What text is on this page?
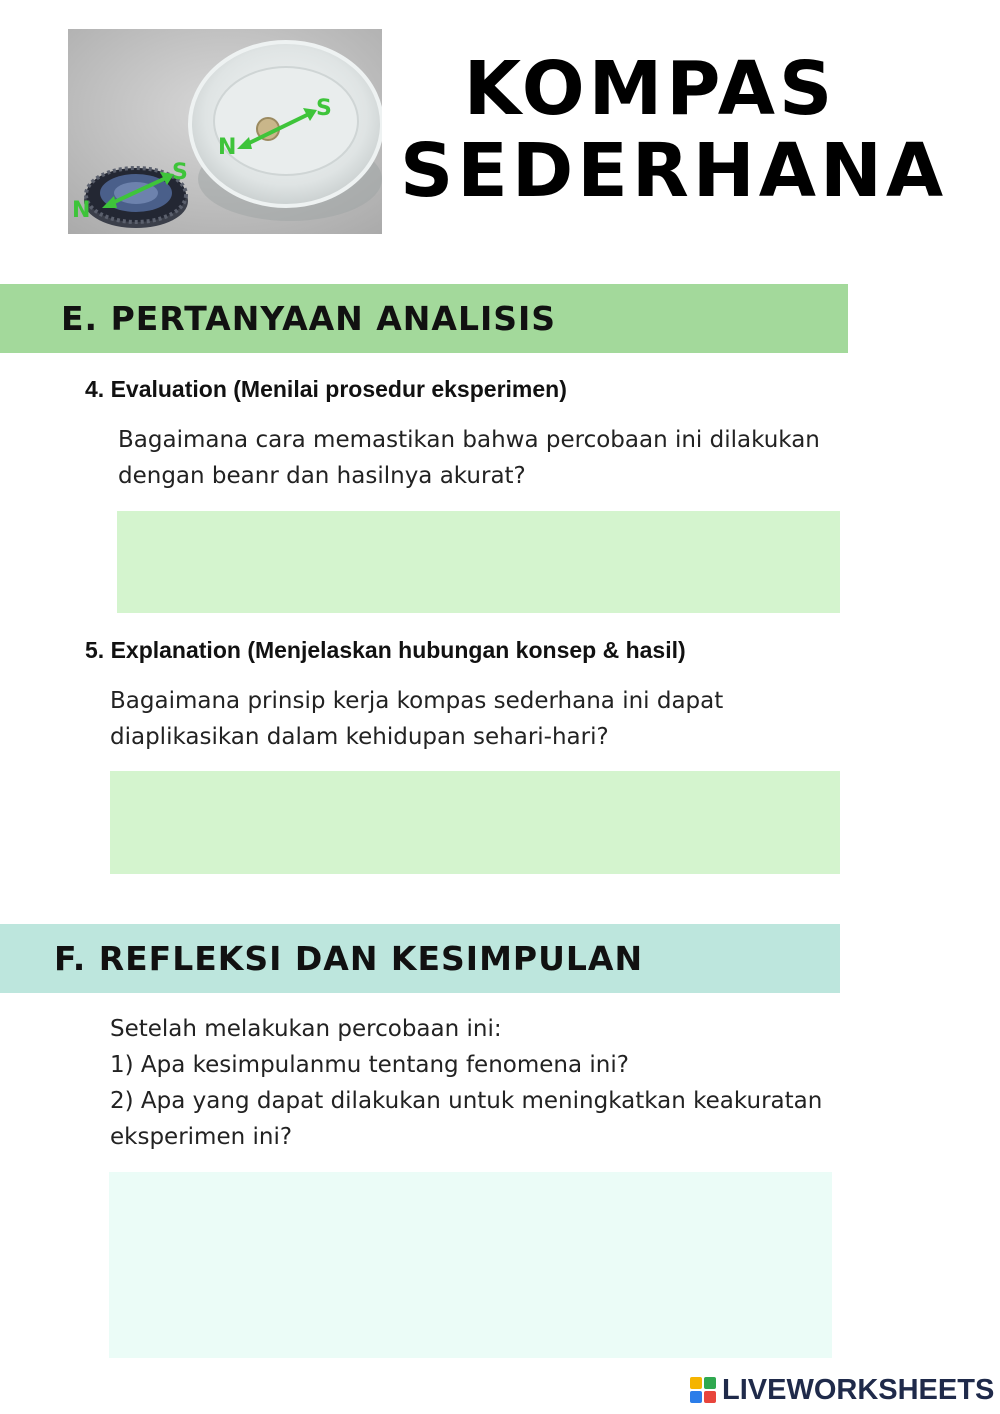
N
S
N
S	KOMPAS
SEDERHANA
E. PERTANYAAN ANALISIS
4. Evaluation (Menilai prosedur eksperimen)
Bagaimana cara memastikan bahwa percobaan ini dilakukan
dengan beanr dan hasilnya akurat?
5. Explanation (Menjelaskan hubungan konsep & hasil)
Bagaimana prinsip kerja kompas sederhana ini dapat
diaplikasikan dalam kehidupan sehari-hari?
F. REFLEKSI DAN KESIMPULAN
Setelah melakukan percobaan ini:
1) Apa kesimpulanmu tentang fenomena ini?
2) Apa yang dapat dilakukan untuk meningkatkan keakuratan
eksperimen ini?
LIVEWORKSHEETS
